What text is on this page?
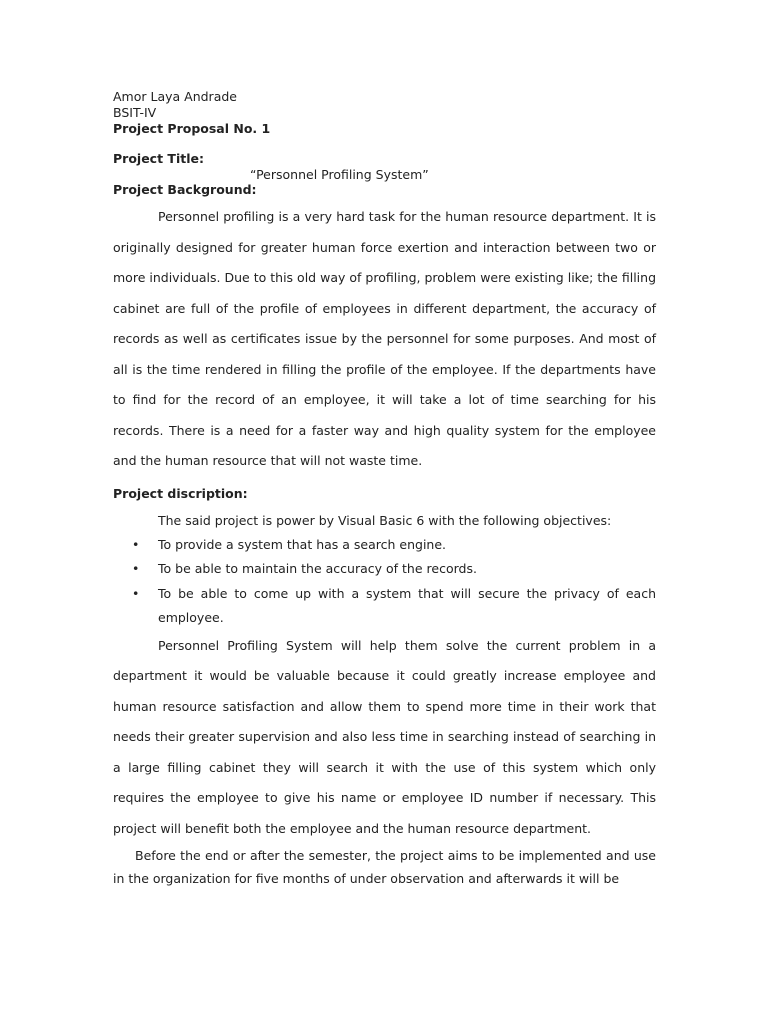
Amor Laya Andrade
BSIT-IV
Project Proposal No. 1
Project Title:
“Personnel Profiling System”
Project Background:

Personnel profiling is a very hard task for the human resource department. It is originally designed for greater human force exertion and interaction between two or more individuals. Due to this old way of profiling, problem were existing like; the filling cabinet are full of the profile of employees in different department, the accuracy of records as well as certificates issue by the personnel for some purposes. And most of all is the time rendered in filling the profile of the employee. If the departments have to find for the record of an employee, it will take a lot of time searching for his records. There is a need for a faster way and high quality system for the employee and the human resource that will not waste time.

Project discription:
The said project is power by Visual Basic 6 with the following objectives:
• To provide a system that has a search engine.
• To be able to maintain the accuracy of the records.
• To be able to come up with a system that will secure the privacy of each employee.

Personnel Profiling System will help them solve the current problem in a department it would be valuable because it could greatly increase employee and human resource satisfaction and allow them to spend more time in their work that needs their greater supervision and also less time in searching instead of searching in a large filling cabinet they will search it with the use of this system which only requires the employee to give his name or employee ID number if necessary. This project will benefit both the employee and the human resource department.

Before the end or after the semester, the project aims to be implemented and use in the organization for five months of under observation and afterwards it will be
